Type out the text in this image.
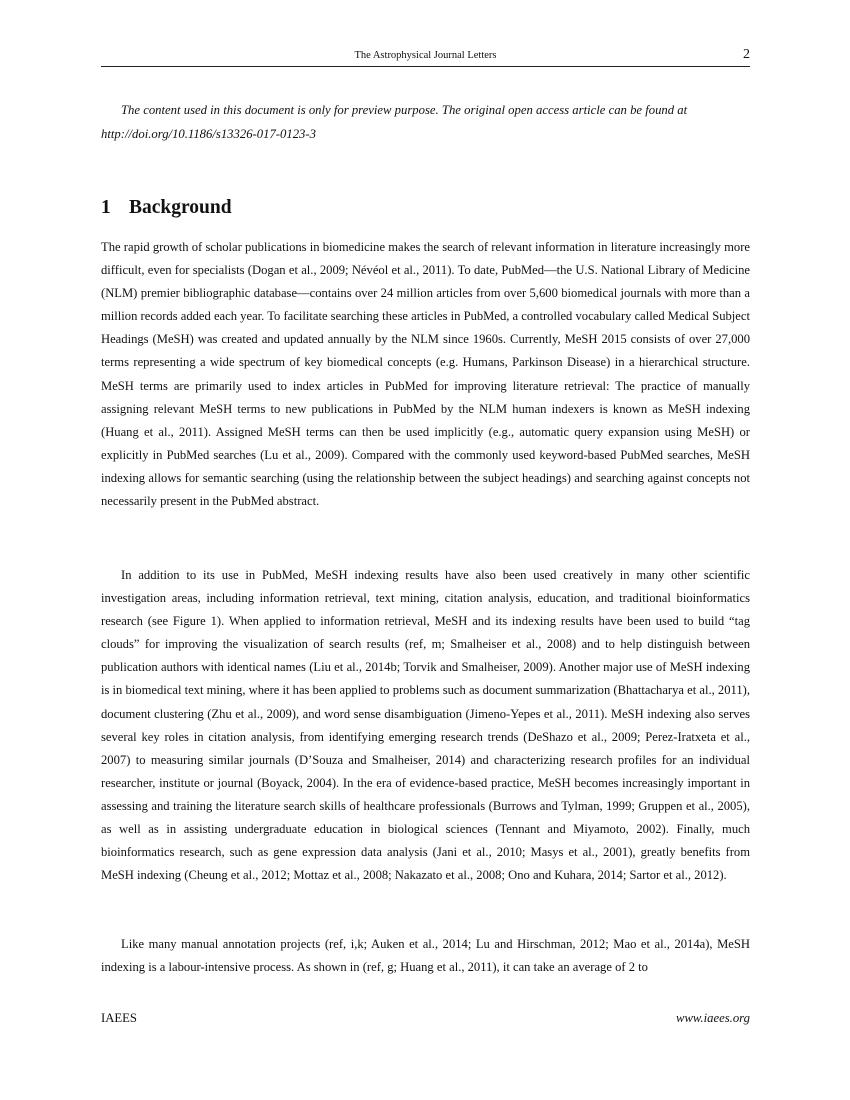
The Astrophysical Journal Letters	2
The content used in this document is only for preview purpose. The original open access article can be found at http://doi.org/10.1186/s13326-017-0123-3
1 Background

The rapid growth of scholar publications in biomedicine makes the search of relevant information in literature increasingly more difficult, even for specialists (Dogan et al., 2009; Névéol et al., 2011). To date, PubMed—the U.S. National Library of Medicine (NLM) premier bibliographic database—contains over 24 million articles from over 5,600 biomedical journals with more than a million records added each year. To facilitate searching these articles in PubMed, a controlled vocabulary called Medical Subject Headings (MeSH) was created and updated annually by the NLM since 1960s. Currently, MeSH 2015 consists of over 27,000 terms representing a wide spectrum of key biomedical concepts (e.g. Humans, Parkinson Disease) in a hierarchical structure. MeSH terms are primarily used to index articles in PubMed for improving literature retrieval: The practice of manually assigning relevant MeSH terms to new publications in PubMed by the NLM human indexers is known as MeSH indexing (Huang et al., 2011). Assigned MeSH terms can then be used implicitly (e.g., automatic query expansion using MeSH) or explicitly in PubMed searches (Lu et al., 2009). Compared with the commonly used keyword-based PubMed searches, MeSH indexing allows for semantic searching (using the relationship between the subject headings) and searching against concepts not necessarily present in the PubMed abstract.

In addition to its use in PubMed, MeSH indexing results have also been used creatively in many other scientific investigation areas, including information retrieval, text mining, citation analysis, education, and traditional bioinformatics research (see Figure 1). When applied to information retrieval, MeSH and its indexing results have been used to build “tag clouds” for improving the visualization of search results (ref, m; Smalheiser et al., 2008) and to help distinguish between publication authors with identical names (Liu et al., 2014b; Torvik and Smalheiser, 2009). Another major use of MeSH indexing is in biomedical text mining, where it has been applied to problems such as document summarization (Bhattacharya et al., 2011), document clustering (Zhu et al., 2009), and word sense disambiguation (Jimeno-Yepes et al., 2011). MeSH indexing also serves several key roles in citation analysis, from identifying emerging research trends (DeShazo et al., 2009; Perez-Iratxeta et al., 2007) to measuring similar journals (D’Souza and Smalheiser, 2014) and characterizing research profiles for an individual researcher, institute or journal (Boyack, 2004). In the era of evidence-based practice, MeSH becomes increasingly important in assessing and training the literature search skills of healthcare professionals (Burrows and Tylman, 1999; Gruppen et al., 2005), as well as in assisting undergraduate education in biological sciences (Tennant and Miyamoto, 2002). Finally, much bioinformatics research, such as gene expression data analysis (Jani et al., 2010; Masys et al., 2001), greatly benefits from MeSH indexing (Cheung et al., 2012; Mottaz et al., 2008; Nakazato et al., 2008; Ono and Kuhara, 2014; Sartor et al., 2012).

Like many manual annotation projects (ref, i,k; Auken et al., 2014; Lu and Hirschman, 2012; Mao et al., 2014a), MeSH indexing is a labour-intensive process. As shown in (ref, g; Huang et al., 2011), it can take an average of 2 to

IAEES	www.iaees.org
